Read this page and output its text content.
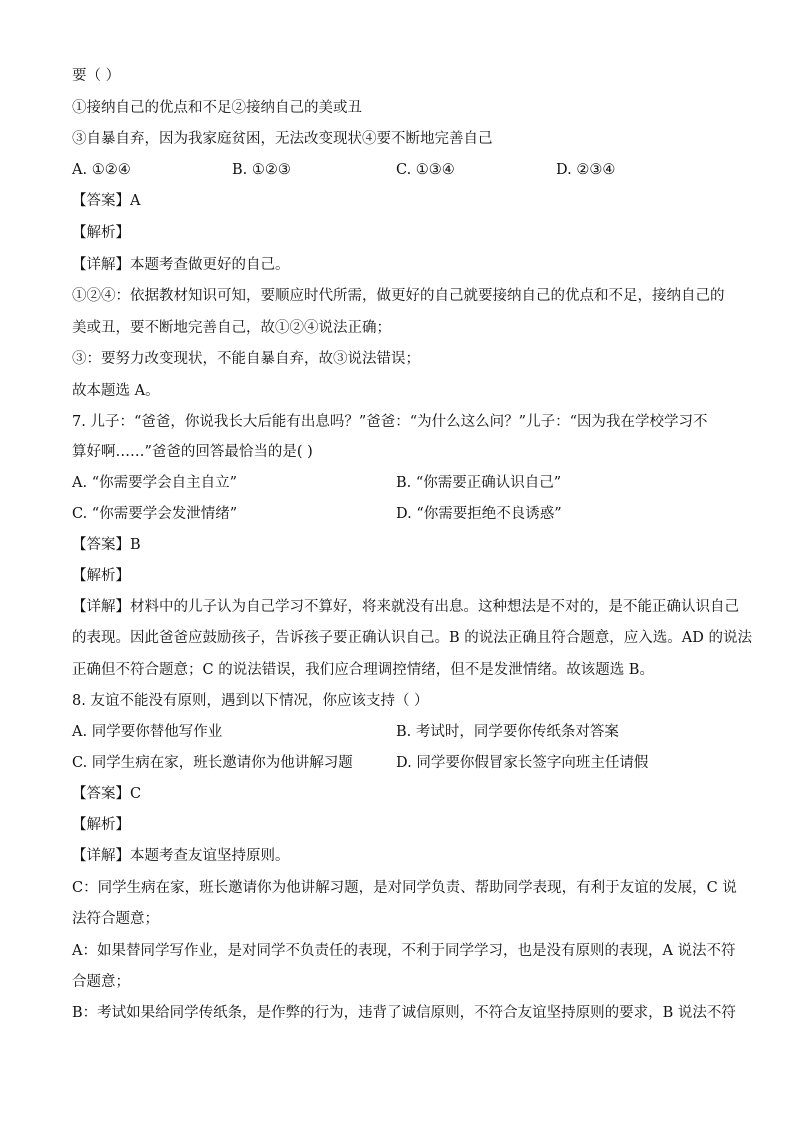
要（ ）
①接纳自己的优点和不足②接纳自己的美或丑
③自暴自弃，因为我家庭贫困，无法改变现状④要不断地完善自己
A. ①②④	B. ①②③	C. ①③④	D. ②③④
【答案】A
【解析】
【详解】本题考查做更好的自己。
①②④：依据教材知识可知，要顺应时代所需，做更好的自己就要接纳自己的优点和不足，接纳自己的
美或丑，要不断地完善自己，故①②④说法正确；
③：要努力改变现状，不能自暴自弃，故③说法错误；
故本题选 A。
7. 儿子：“爸爸，你说我长大后能有出息吗？”爸爸：“为什么这么问？”儿子：“因为我在学校学习不
算好啊……”爸爸的回答最恰当的是( )
A. “你需要学会自主自立”	B. “你需要正确认识自己”
C. “你需要学会发泄情绪”	D. “你需要拒绝不良诱惑”
【答案】B
【解析】
【详解】材料中的儿子认为自己学习不算好，将来就没有出息。这种想法是不对的，是不能正确认识自己
的表现。因此爸爸应鼓励孩子，告诉孩子要正确认识自己。B 的说法正确且符合题意，应入选。AD 的说法
正确但不符合题意；C 的说法错误，我们应合理调控情绪，但不是发泄情绪。故该题选 B。
8. 友谊不能没有原则，遇到以下情况，你应该支持（ ）
A. 同学要你替他写作业	B. 考试时，同学要你传纸条对答案
C. 同学生病在家，班长邀请你为他讲解习题	D. 同学要你假冒家长签字向班主任请假
【答案】C
【解析】
【详解】本题考查友谊坚持原则。
C：同学生病在家，班长邀请你为他讲解习题，是对同学负责、帮助同学表现，有利于友谊的发展，C 说
法符合题意；
A：如果替同学写作业，是对同学不负责任的表现，不利于同学学习，也是没有原则的表现，A 说法不符
合题意；
B：考试如果给同学传纸条，是作弊的行为，违背了诚信原则，不符合友谊坚持原则的要求，B 说法不符
